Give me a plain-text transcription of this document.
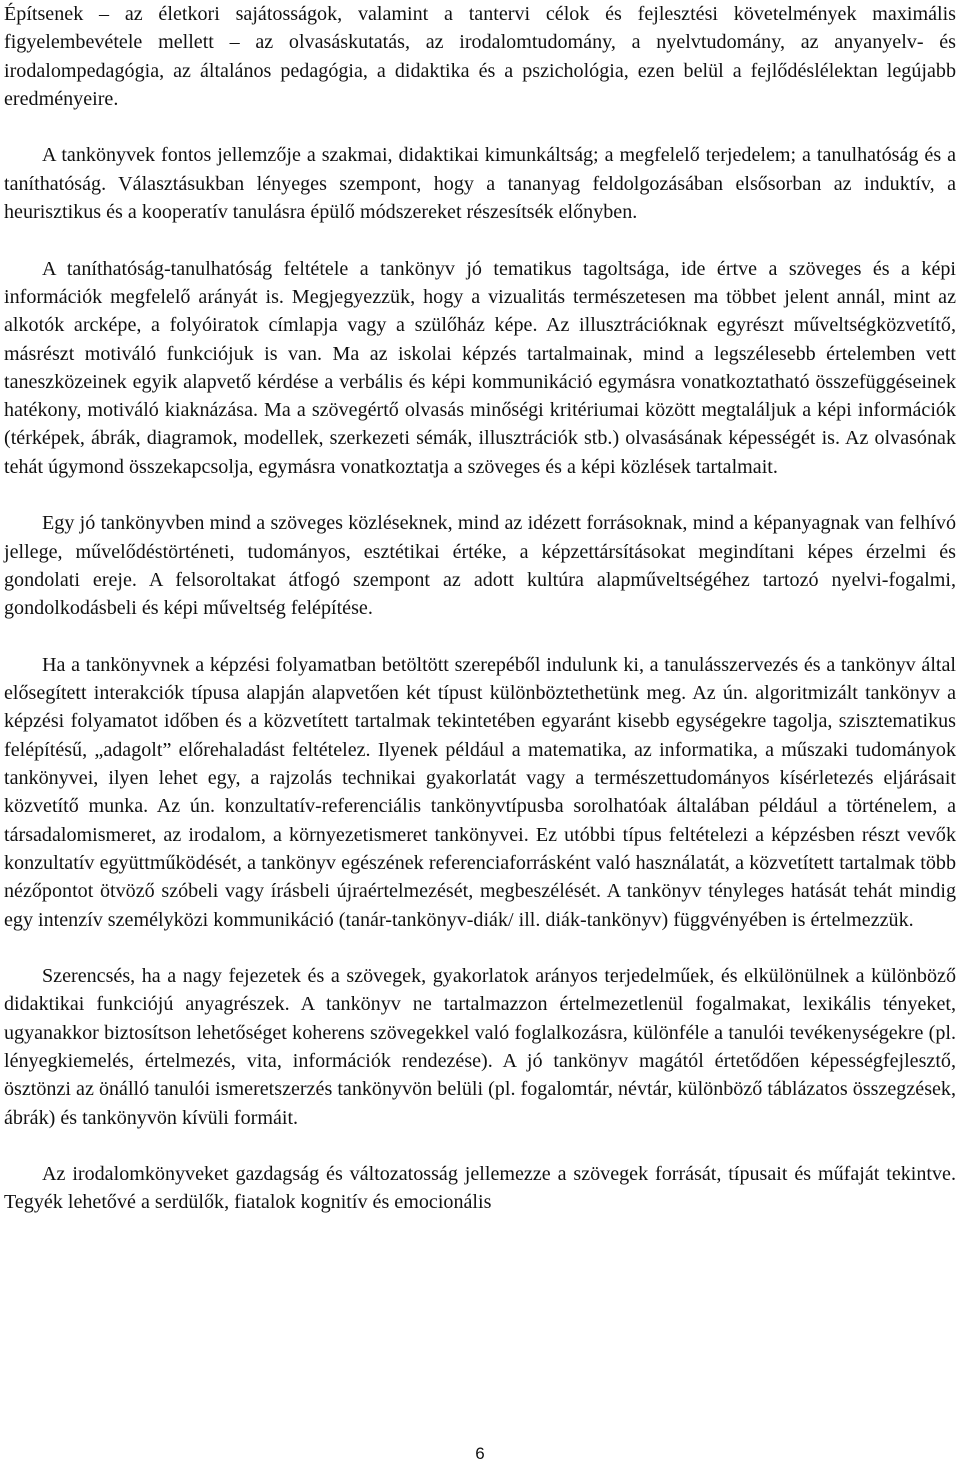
Építsenek – az életkori sajátosságok, valamint a tantervi célok és fejlesztési követelmények maximális figyelembevétele mellett – az olvasáskutatás, az irodalomtudomány, a nyelvtudomány, az anyanyelv- és irodalompedagógia, az általános pedagógia, a didaktika és a pszichológia, ezen belül a fejlődéslélektan legújabb eredményeire.

A tankönyvek fontos jellemzője a szakmai, didaktikai kimunkáltság; a megfelelő terjedelem; a tanulhatóság és a taníthatóság. Választásukban lényeges szempont, hogy a tananyag feldolgozásában elsősorban az induktív, a heurisztikus és a kooperatív tanulásra épülő módszereket részesítsék előnyben.

A taníthatóság-tanulhatóság feltétele a tankönyv jó tematikus tagoltsága, ide értve a szöveges és a képi információk megfelelő arányát is. Megjegyezzük, hogy a vizualitás természetesen ma többet jelent annál, mint az alkotók arcképe, a folyóiratok címlapja vagy a szülőház képe. Az illusztrációknak egyrészt műveltségközvetítő, másrészt motiváló funkciójuk is van. Ma az iskolai képzés tartalmainak, mind a legszélesebb értelemben vett taneszközeinek egyik alapvető kérdése a verbális és képi kommunikáció egymásra vonatkoztatható összefüggéseinek hatékony, motiváló kiaknázása. Ma a szövegértő olvasás minőségi kritériumai között megtaláljuk a képi információk (térképek, ábrák, diagramok, modellek, szerkezeti sémák, illusztrációk stb.) olvasásának képességét is. Az olvasónak tehát úgymond összekapcsolja, egymásra vonatkoztatja a szöveges és a képi közlések tartalmait.

Egy jó tankönyvben mind a szöveges közléseknek, mind az idézett forrásoknak, mind a képanyagnak van felhívó jellege, művelődéstörténeti, tudományos, esztétikai értéke, a képzettársításokat megindítani képes érzelmi és gondolati ereje. A felsoroltakat átfogó szempont az adott kultúra alapműveltségéhez tartozó nyelvi-fogalmi, gondolkodásbeli és képi műveltség felépítése.

Ha a tankönyvnek a képzési folyamatban betöltött szerepéből indulunk ki, a tanulásszervezés és a tankönyv által elősegített interakciók típusa alapján alapvetően két típust különböztethetünk meg. Az ún. algoritmizált tankönyv a képzési folyamatot időben és a közvetített tartalmak tekintetében egyaránt kisebb egységekre tagolja, szisztematikus felépítésű, „adagolt” előrehaladást feltételez. Ilyenek például a matematika, az informatika, a műszaki tudományok tankönyvei, ilyen lehet egy, a rajzolás technikai gyakorlatát vagy a természettudományos kísérletezés eljárásait közvetítő munka. Az ún. konzultatív-referenciális tankönyvtípusba sorolhatóak általában például a történelem, a társadalomismeret, az irodalom, a környezetismeret tankönyvei. Ez utóbbi típus feltételezi a képzésben részt vevők konzultatív együttműködését, a tankönyv egészének referenciaforrásként való használatát, a közvetített tartalmak több nézőpontot ötvöző szóbeli vagy írásbeli újraértelmezését, megbeszélését. A tankönyv tényleges hatását tehát mindig egy intenzív személyközi kommunikáció (tanár-tankönyv-diák/ ill. diák-tankönyv) függvényében is értelmezzük.

Szerencsés, ha a nagy fejezetek és a szövegek, gyakorlatok arányos terjedelműek, és elkülönülnek a különböző didaktikai funkciójú anyagrészek. A tankönyv ne tartalmazzon értelmezetlenül fogalmakat, lexikális tényeket, ugyanakkor biztosítson lehetőséget koherens szövegekkel való foglalkozásra, különféle a tanulói tevékenységekre (pl. lényegkiemelés, értelmezés, vita, információk rendezése). A jó tankönyv magától értetődően képességfejlesztő, ösztönzi az önálló tanulói ismeretszerzés tankönyvön belüli (pl. fogalomtár, névtár, különböző táblázatos összegzések, ábrák) és tankönyvön kívüli formáit.

Az irodalomkönyveket gazdagság és változatosság jellemezze a szövegek forrását, típusait és műfaját tekintve. Tegyék lehetővé a serdülők, fiatalok kognitív és emocionális

6
